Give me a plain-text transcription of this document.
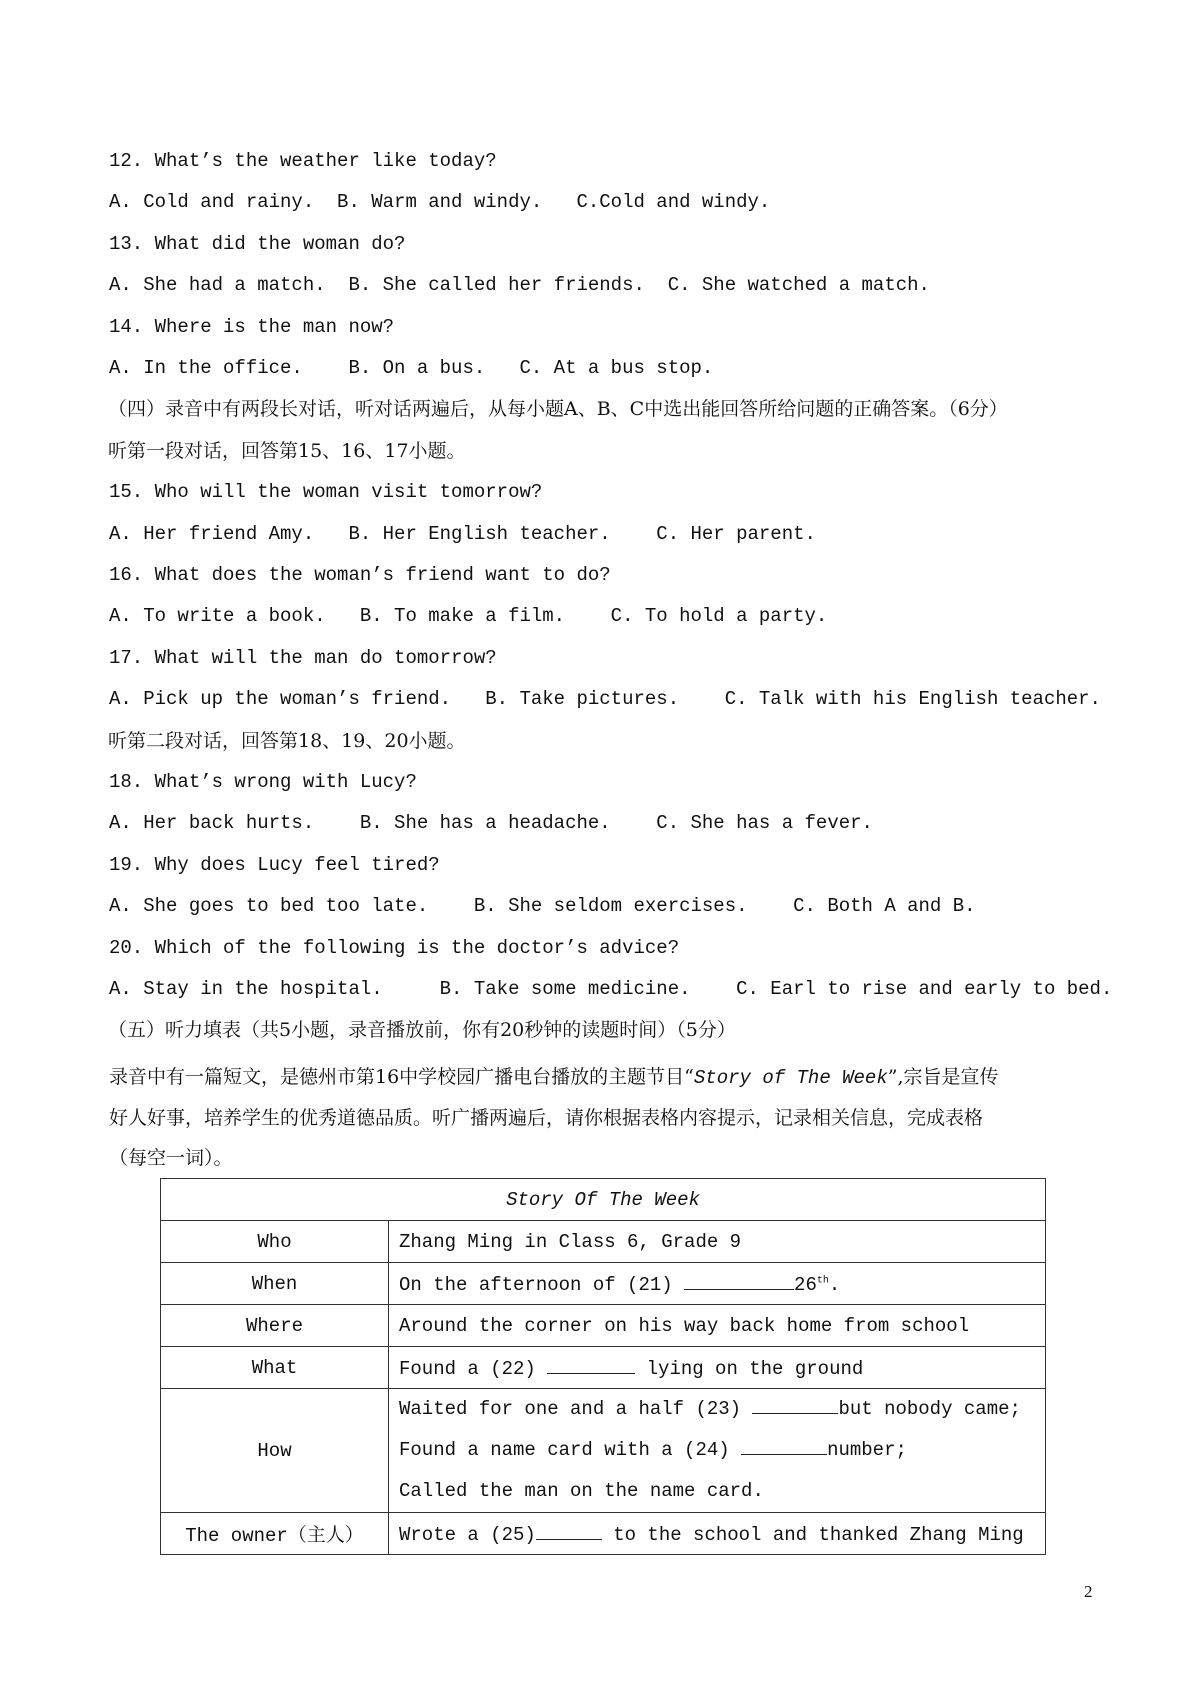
12. What’s the weather like today?
A. Cold and rainy.  B. Warm and windy.   C.Cold and windy.
13. What did the woman do?
A. She had a match.  B. She called her friends.  C. She watched a match.
14. Where is the man now?
A. In the office.    B. On a bus.   C. At a bus stop.
（四）录音中有两段长对话，听对话两遍后，从每小题A、B、C中选出能回答所给问题的正确答案。（6分）
听第一段对话，回答第15、16、17小题。
15. Who will the woman visit tomorrow?
A. Her friend Amy.   B. Her English teacher.    C. Her parent.
16. What does the woman’s friend want to do?
A. To write a book.   B. To make a film.    C. To hold a party.
17. What will the man do tomorrow?
A. Pick up the woman’s friend.   B. Take pictures.    C. Talk with his English teacher.
听第二段对话，回答第18、19、20小题。
18. What’s wrong with Lucy?
A. Her back hurts.    B. She has a headache.    C. She has a fever.
19. Why does Lucy feel tired?
A. She goes to bed too late.    B. She seldom exercises.    C. Both A and B.
20. Which of the following is the doctor’s advice?
A. Stay in the hospital.     B. Take some medicine.    C. Earl to rise and early to bed.
（五）听力填表（共5小题，录音播放前，你有20秒钟的读题时间）（5分）
录音中有一篇短文，是德州市第16中学校园广播电台播放的主题节目“Story of The Week”,宗旨是宣传
好人好事，培养学生的优秀道德品质。听广播两遍后，请你根据表格内容提示，记录相关信息，完成表格
（每空一词）。
Story Of The Week	
Who	Zhang Ming in Class 6, Grade 9
When	On the afternoon of (21) 26th.
Where	Around the corner on his way back home from school
What	Found a (22) lying on the ground
How	Waited for one and a half (23) but nobody came;
Found a name card with a (24) number;
Called the man on the name card.

The owner（主人）	Wrote a (25) to the school and thanked Zhang Ming
2
